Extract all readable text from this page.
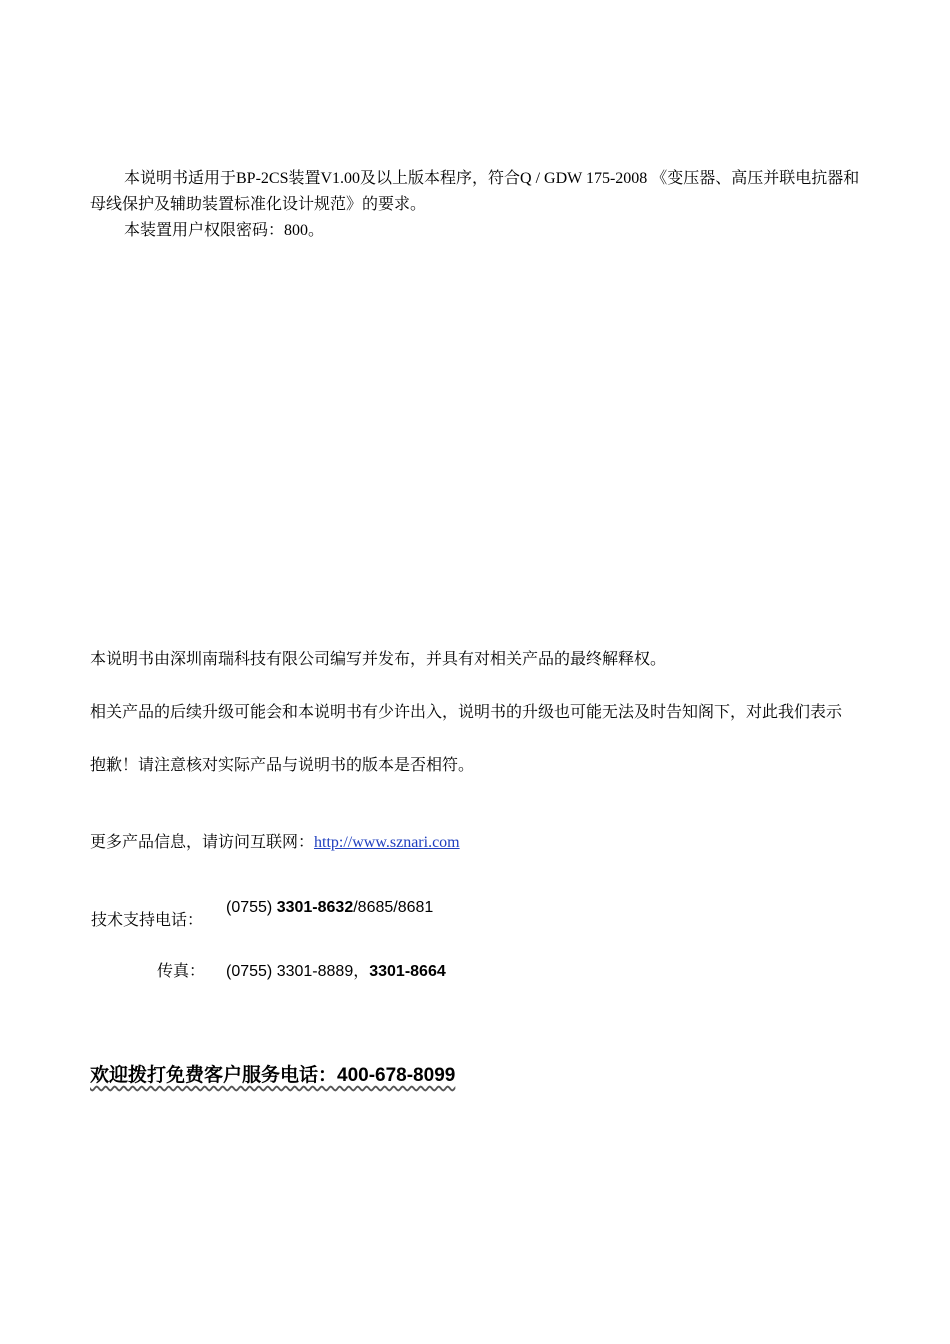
本说明书适用于BP-2CS装置V1.00及以上版本程序，符合Q / GDW 175-2008 《变压器、高压并联电抗器和母线保护及辅助装置标准化设计规范》的要求。

本装置用户权限密码：800。

本说明书由深圳南瑞科技有限公司编写并发布，并具有对相关产品的最终解释权。
相关产品的后续升级可能会和本说明书有少许出入，说明书的升级也可能无法及时告知阁下，对此我们表示
抱歉！请注意核对实际产品与说明书的版本是否相符。
更多产品信息，请访问互联网：http://www.sznari.com
技术支持电话：
(0755) 3301-8632/8685/8681
传真： (0755) 3301-8889，3301-8664
欢迎拨打免费客户服务电话：400-678-8099
